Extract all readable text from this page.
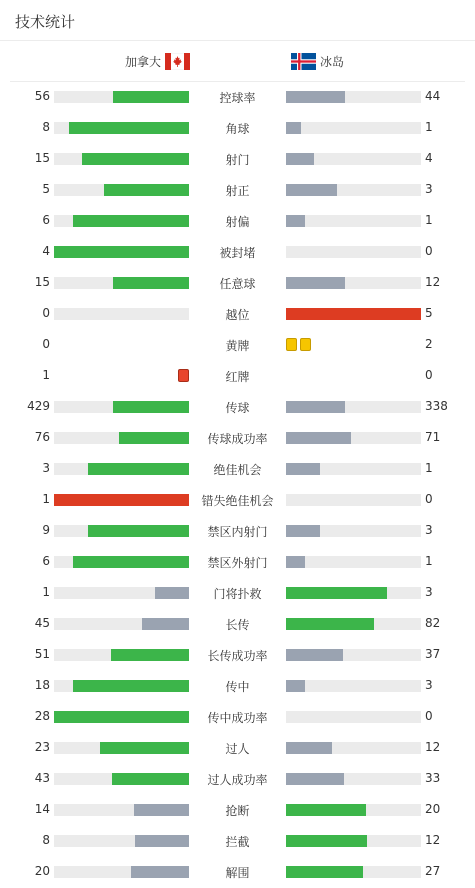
技术统计
加拿大	冰岛
56	控球率	44
8	角球	1
15	射门	4
5	射正	3
6	射偏	1
4	被封堵	0
15	任意球	12
0	越位	5
0	黄牌	2
1	红牌	0
429	传球	338
76	传球成功率	71
3	绝佳机会	1
1	错失绝佳机会	0
9	禁区内射门	3
6	禁区外射门	1
1	门将扑救	3
45	长传	82
51	长传成功率	37
18	传中	3
28	传中成功率	0
23	过人	12
43	过人成功率	33
14	抢断	20
8	拦截	12
20	解围	27
